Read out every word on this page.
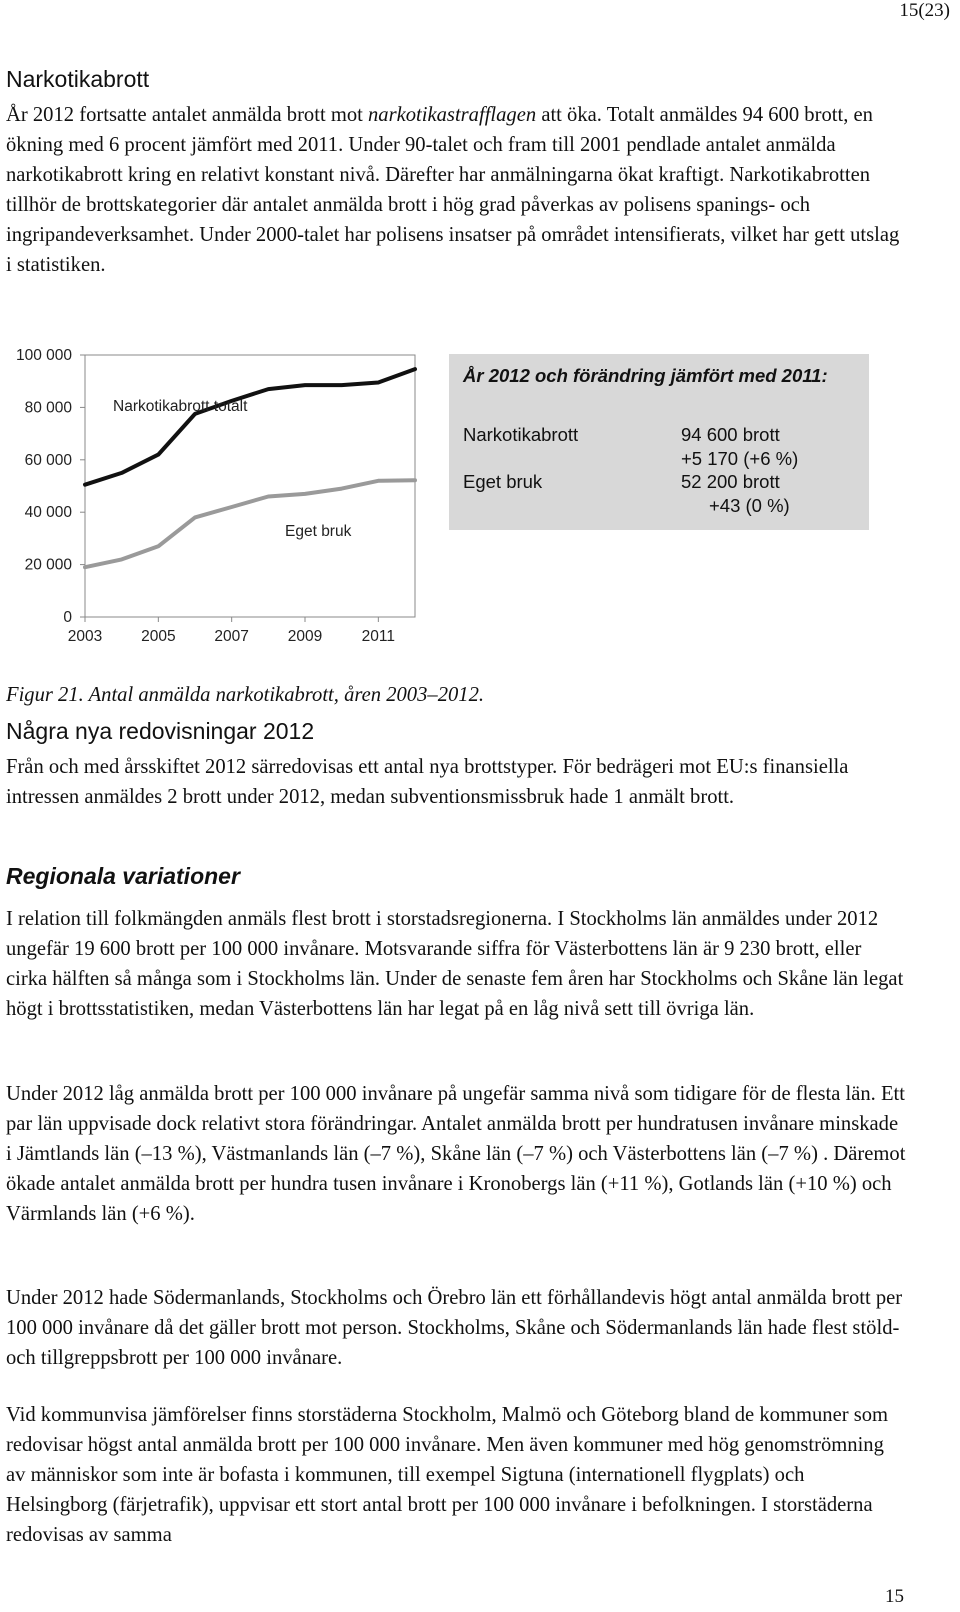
15(23)
Narkotikabrott

År 2012 fortsatte antalet anmälda brott mot narkotikastrafflagen att öka. Totalt anmäldes 94 600 brott, en ökning med 6 procent jämfört med 2011. Under 90-talet och fram till 2001 pendlade antalet anmälda narkotikabrott kring en relativt konstant nivå. Därefter har anmälningarna ökat kraftigt. Narkotikabrotten tillhör de brottskategorier där antalet anmälda brott i hög grad påverkas av polisens spanings- och ingripandeverksamhet. Under 2000-talet har polisens insatser på området intensifierats, vilket har gett utslag i statistiken.

100 000
80 000
60 000
40 000
20 000
0
2003	2005	2007	2009	2011
Narkotikabrott totalt
Eget bruk
År 2012 och förändring jämfört med 2011:
Narkotikabrott	94 600 brott
+5 170 (+6 %)
Eget bruk	52 200 brott
+43 (0 %)

Figur 21. Antal anmälda narkotikabrott, åren 2003–2012.

Några nya redovisningar 2012

Från och med årsskiftet 2012 särredovisas ett antal nya brottstyper. För bedrägeri mot EU:s finansiella intressen anmäldes 2 brott under 2012, medan subventionsmissbruk hade 1 anmält brott.

Regionala variationer

I relation till folkmängden anmäls flest brott i storstadsregionerna. I Stockholms län anmäldes under 2012 ungefär 19 600 brott per 100 000 invånare. Motsvarande siffra för Västerbottens län är 9 230 brott, eller cirka hälften så många som i Stockholms län. Under de senaste fem åren har Stockholms och Skåne län legat högt i brottsstatistiken, medan Västerbottens län har legat på en låg nivå sett till övriga län.

Under 2012 låg anmälda brott per 100 000 invånare på ungefär samma nivå som tidigare för de flesta län. Ett par län uppvisade dock relativt stora förändringar. Antalet anmälda brott per hundratusen invånare minskade i Jämtlands län (–13 %), Västmanlands län (–7 %), Skåne län (–7 %) och Västerbottens län (–7 %) . Däremot ökade antalet anmälda brott per hundra tusen invånare i Kronobergs län (+11 %), Gotlands län (+10 %) och Värmlands län (+6 %).

Under 2012 hade Södermanlands, Stockholms och Örebro län ett förhållandevis högt antal anmälda brott per 100 000 invånare då det gäller brott mot person. Stockholms, Skåne och Södermanlands län hade flest stöld- och tillgreppsbrott per 100 000 invånare.

Vid kommunvisa jämförelser finns storstäderna Stockholm, Malmö och Göteborg bland de kommuner som redovisar högst antal anmälda brott per 100 000 invånare. Men även kommuner med hög genomströmning av människor som inte är bofasta i kommunen, till exempel Sigtuna (internationell flygplats) och Helsingborg (färjetrafik), uppvisar ett stort antal brott per 100 000 invånare i befolkningen. I storstäderna redovisas av samma

15
